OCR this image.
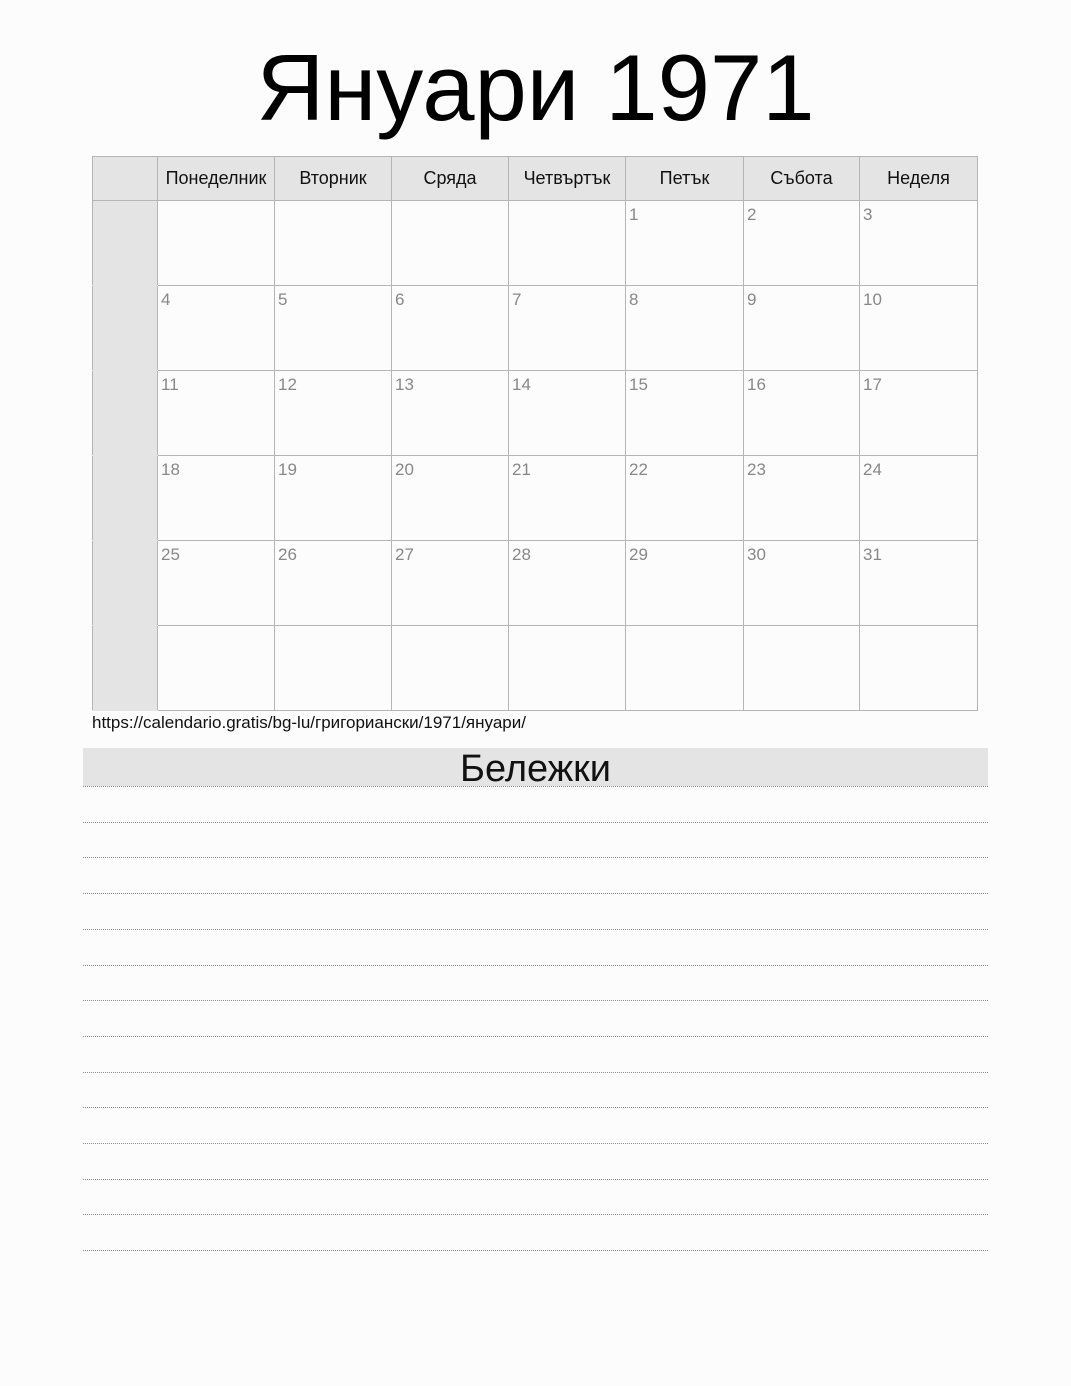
Януари 1971
	Понеделник	Вторник	Сряда	Четвъртък	Петък	Събота	Неделя

					1	2	3

	4	5	6	7	8	9	10

	11	12	13	14	15	16	17

	18	19	20	21	22	23	24

	25	26	27	28	29	30	31

https://calendario.gratis/bg-lu/григориански/1971/януари/
Бележки
